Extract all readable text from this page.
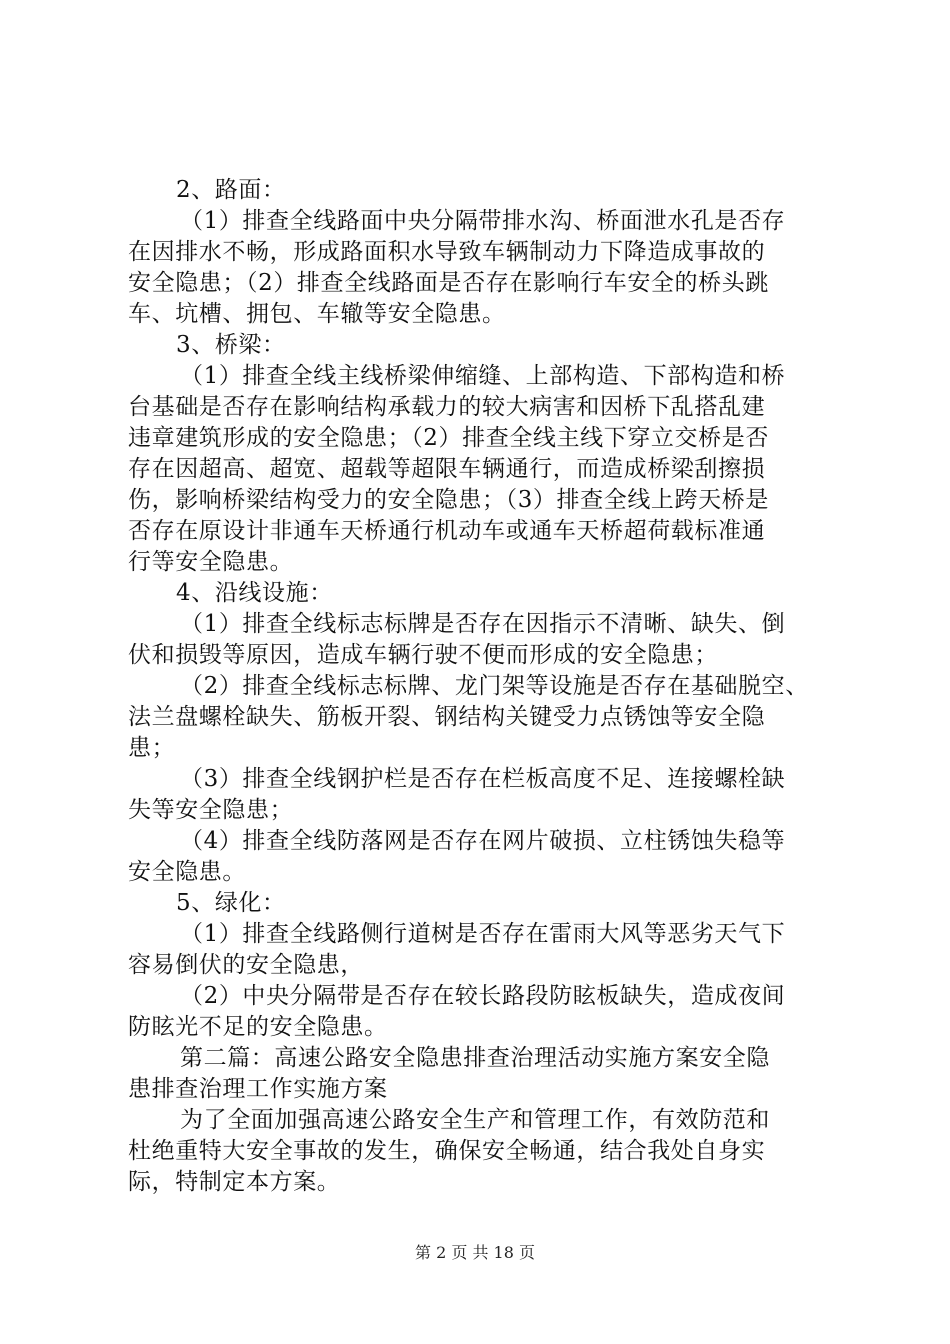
2、路面：
（1）排查全线路面中央分隔带排水沟、桥面泄水孔是否存
在因排水不畅，形成路面积水导致车辆制动力下降造成事故的
安全隐患；（2）排查全线路面是否存在影响行车安全的桥头跳
车、坑槽、拥包、车辙等安全隐患。
3、桥梁：
（1）排查全线主线桥梁伸缩缝、上部构造、下部构造和桥
台基础是否存在影响结构承载力的较大病害和因桥下乱搭乱建
违章建筑形成的安全隐患；（2）排查全线主线下穿立交桥是否
存在因超高、超宽、超载等超限车辆通行，而造成桥梁刮擦损
伤，影响桥梁结构受力的安全隐患；（3）排查全线上跨天桥是
否存在原设计非通车天桥通行机动车或通车天桥超荷载标准通
行等安全隐患。
4、沿线设施：
（1）排查全线标志标牌是否存在因指示不清晰、缺失、倒
伏和损毁等原因，造成车辆行驶不便而形成的安全隐患；
（2）排查全线标志标牌、龙门架等设施是否存在基础脱空、
法兰盘螺栓缺失、筋板开裂、钢结构关键受力点锈蚀等安全隐
患；
（3）排查全线钢护栏是否存在栏板高度不足、连接螺栓缺
失等安全隐患；
（4）排查全线防落网是否存在网片破损、立柱锈蚀失稳等
安全隐患。
5、绿化：
（1）排查全线路侧行道树是否存在雷雨大风等恶劣天气下
容易倒伏的安全隐患，
（2）中央分隔带是否存在较长路段防眩板缺失，造成夜间
防眩光不足的安全隐患。
第二篇：高速公路安全隐患排查治理活动实施方案安全隐
患排查治理工作实施方案
为了全面加强高速公路安全生产和管理工作，有效防范和
杜绝重特大安全事故的发生，确保安全畅通，结合我处自身实
际，特制定本方案。
第 2 页 共 18 页
